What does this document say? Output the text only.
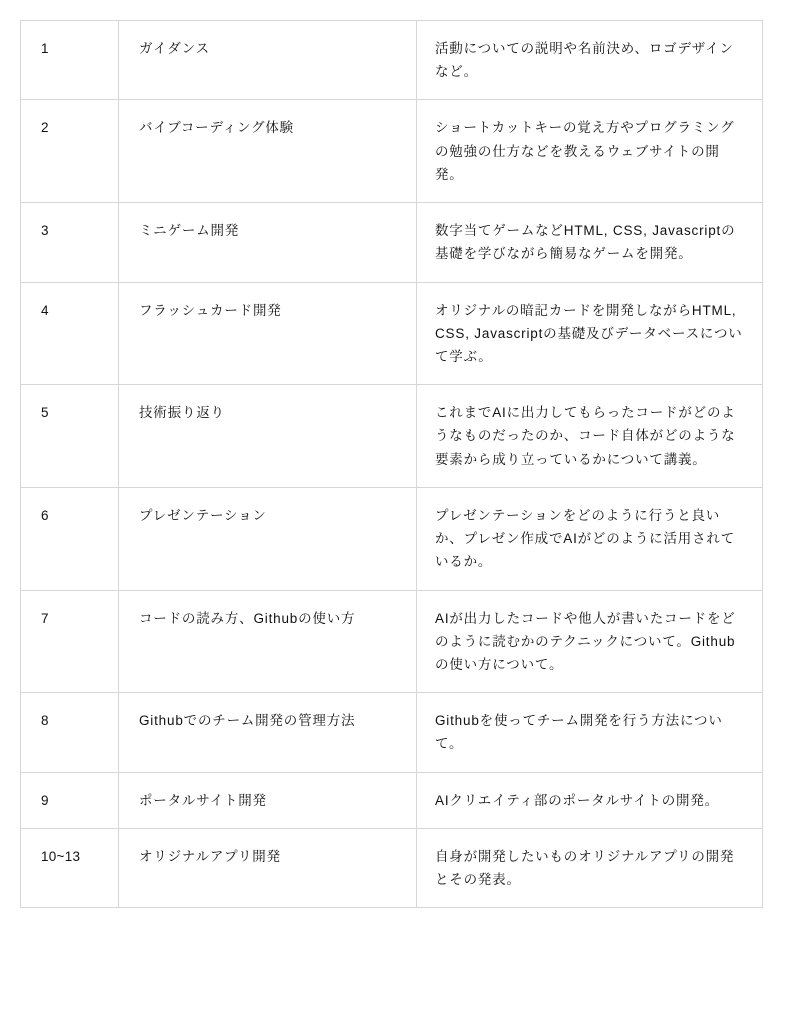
1	ガイダンス	活動についての説明や名前決め、ロゴデザインなど。

2	バイブコーディング体験	ショートカットキーの覚え方やプログラミングの勉強の仕方などを教えるウェブサイトの開発。

3	ミニゲーム開発	数字当てゲームなどHTML, CSS, Javascriptの基礎を学びながら簡易なゲームを開発。

4	フラッシュカード開発	オリジナルの暗記カードを開発しながらHTML, CSS, Javascriptの基礎及びデータベースについて学ぶ。

5	技術振り返り	これまでAIに出力してもらったコードがどのようなものだったのか、コード自体がどのような要素から成り立っているかについて講義。

6	プレゼンテーション	プレゼンテーションをどのように行うと良いか、プレゼン作成でAIがどのように活用されているか。

7	コードの読み方、Githubの使い方	AIが出力したコードや他人が書いたコードをどのように読むかのテクニックについて。Githubの使い方について。

8	Githubでのチーム開発の管理方法	Githubを使ってチーム開発を行う方法について。

9	ポータルサイト開発	AIクリエイティ部のポータルサイトの開発。

10~13	オリジナルアプリ開発	自身が開発したいものオリジナルアプリの開発とその発表。
